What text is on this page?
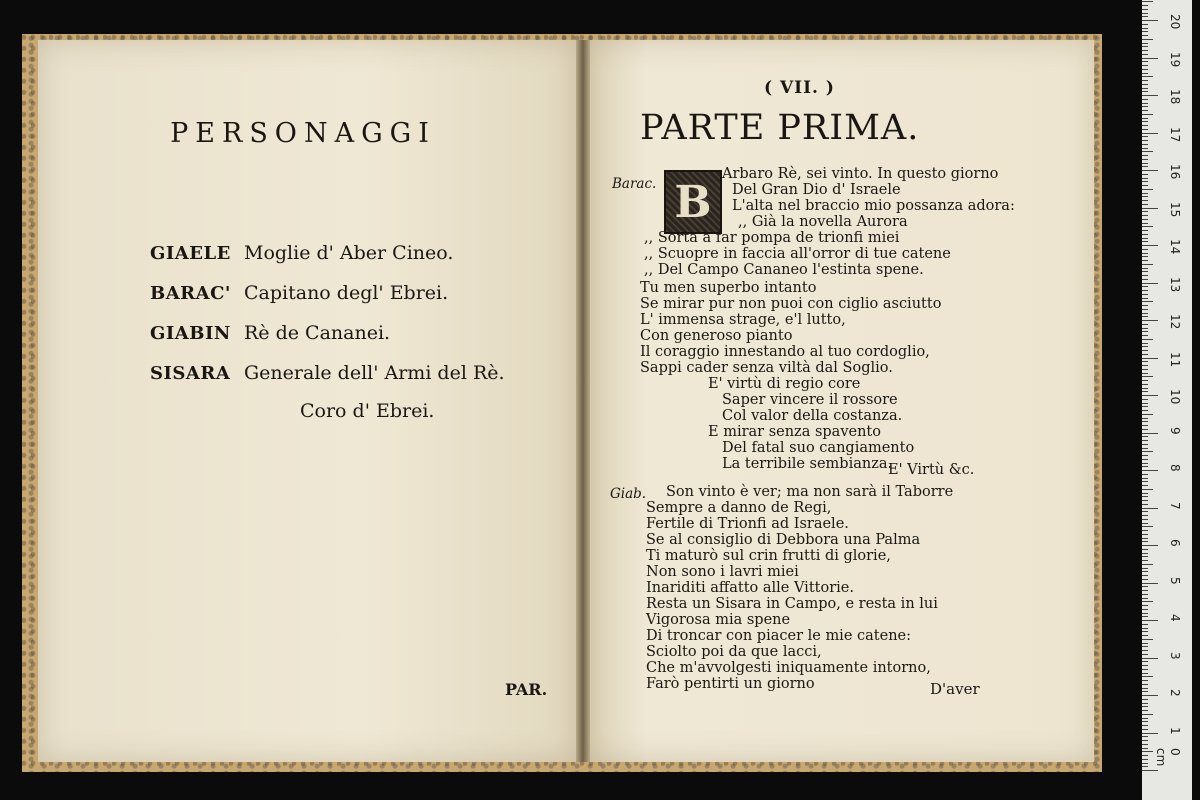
PERSONAGGI
GIAELE Moglie d' Aber Cineo.
BARAC' Capitano degl' Ebrei.
GIABIN Rè de Cananei.
SISARA Generale dell' Armi del Rè.
Coro d' Ebrei.
PAR.
( VII. )
PARTE PRIMA.
Barac. B
Giab.
Arbaro Rè, sei vinto. In questo giorno
Del Gran Dio d' Israele
L'alta nel braccio mio possanza adora:
,, Già la novella Aurora
,, Sorta a far pompa de trionfi miei
,, Scuopre in faccia all'orror di tue catene
,, Del Campo Cananeo l'estinta spene.
Tu men superbo intanto
Se mirar pur non puoi con ciglio asciutto
L' immensa strage, e'l lutto,
Con generoso pianto
Il coraggio innestando al tuo cordoglio,
Sappi cader senza viltà dal Soglio.
E' virtù di regio core
Saper vincere il rossore
Col valor della costanza.
E mirar senza spavento
Del fatal suo cangiamento
La terribile sembianza.
E' Virtù &c.
Son vinto è ver; ma non sarà il Taborre
Sempre a danno de Regi,
Fertile di Trionfi ad Israele.
Se al consiglio di Debbora una Palma
Ti maturò sul crin frutti di glorie,
Non sono i lavri miei
Inariditi affatto alle Vittorie.
Resta un Sisara in Campo, e resta in lui
Vigorosa mia spene
Di troncar con piacer le mie catene:
Sciolto poi da que lacci,
Che m'avvolgesti iniquamente intorno,
Farò pentirti un giorno	D'aver
0 cm
1
2
3
4
5
6
7
8
9
10
11
12
13
14
15
16
17
18
19
20
